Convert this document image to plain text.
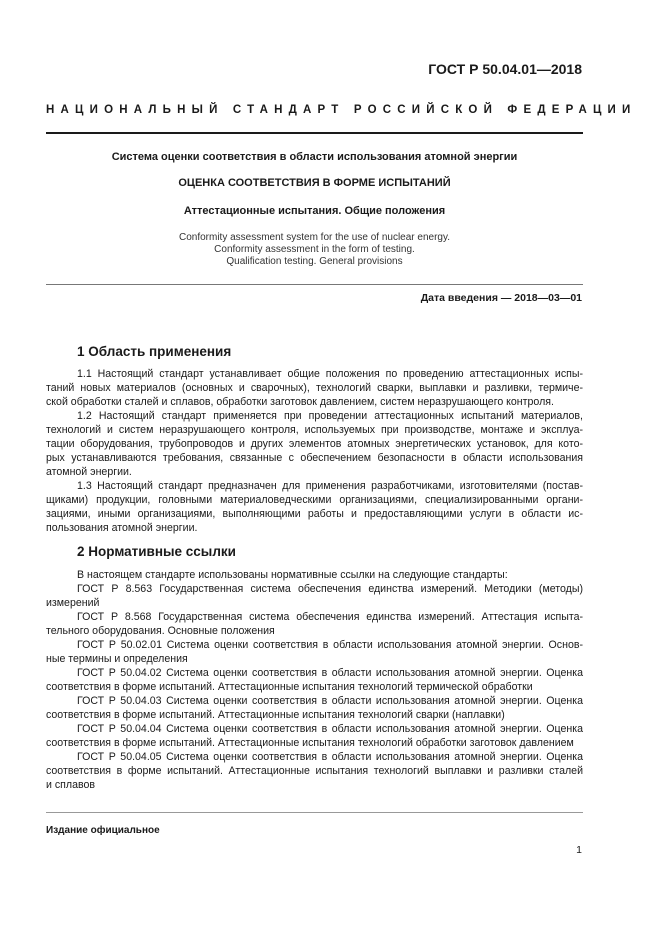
ГОСТ Р 50.04.01—2018
НАЦИОНАЛЬНЫЙ СТАНДАРТ РОССИЙСКОЙ ФЕДЕРАЦИИ
Система оценки соответствия в области использования атомной энергии
ОЦЕНКА СООТВЕТСТВИЯ В ФОРМЕ ИСПЫТАНИЙ
Аттестационные испытания. Общие положения
Conformity assessment system for the use of nuclear energy.
Conformity assessment in the form of testing.
Qualification testing. General provisions
Дата введения — 2018—03—01
1 Область применения

1.1 Настоящий стандарт устанавливает общие положения по проведению аттестационных испы-

таний новых материалов (основных и сварочных), технологий сварки, выплавки и разливки, термиче-

ской обработки сталей и сплавов, обработки заготовок давлением, систем неразрушающего контроля.

1.2 Настоящий стандарт применяется при проведении аттестационных испытаний материалов,

технологий и систем неразрушающего контроля, используемых при производстве, монтаже и эксплуа-

тации оборудования, трубопроводов и других элементов атомных энергетических установок, для кото-

рых устанавливаются требования, связанные с обеспечением безопасности в области использования

атомной энергии.

1.3 Настоящий стандарт предназначен для применения разработчиками, изготовителями (постав-

щиками) продукции, головными материаловедческими организациями, специализированными органи-

зациями, иными организациями, выполняющими работы и предоставляющими услуги в области ис-

пользования атомной энергии.

2 Нормативные ссылки

В настоящем стандарте использованы нормативные ссылки на следующие стандарты:

ГОСТ Р 8.563 Государственная система обеспечения единства измерений. Методики (методы)

измерений

ГОСТ Р 8.568 Государственная система обеспечения единства измерений. Аттестация испыта-

тельного оборудования. Основные положения

ГОСТ Р 50.02.01 Система оценки соответствия в области использования атомной энергии. Основ-

ные термины и определения

ГОСТ Р 50.04.02 Система оценки соответствия в области использования атомной энергии. Оценка

соответствия в форме испытаний. Аттестационные испытания технологий термической обработки

ГОСТ Р 50.04.03 Система оценки соответствия в области использования атомной энергии. Оценка

соответствия в форме испытаний. Аттестационные испытания технологий сварки (наплавки)

ГОСТ Р 50.04.04 Система оценки соответствия в области использования атомной энергии. Оценка

соответствия в форме испытаний. Аттестационные испытания технологий обработки заготовок давлением

ГОСТ Р 50.04.05 Система оценки соответствия в области использования атомной энергии. Оценка

соответствия в форме испытаний. Аттестационные испытания технологий выплавки и разливки сталей

и сплавов

Издание официальное
1
